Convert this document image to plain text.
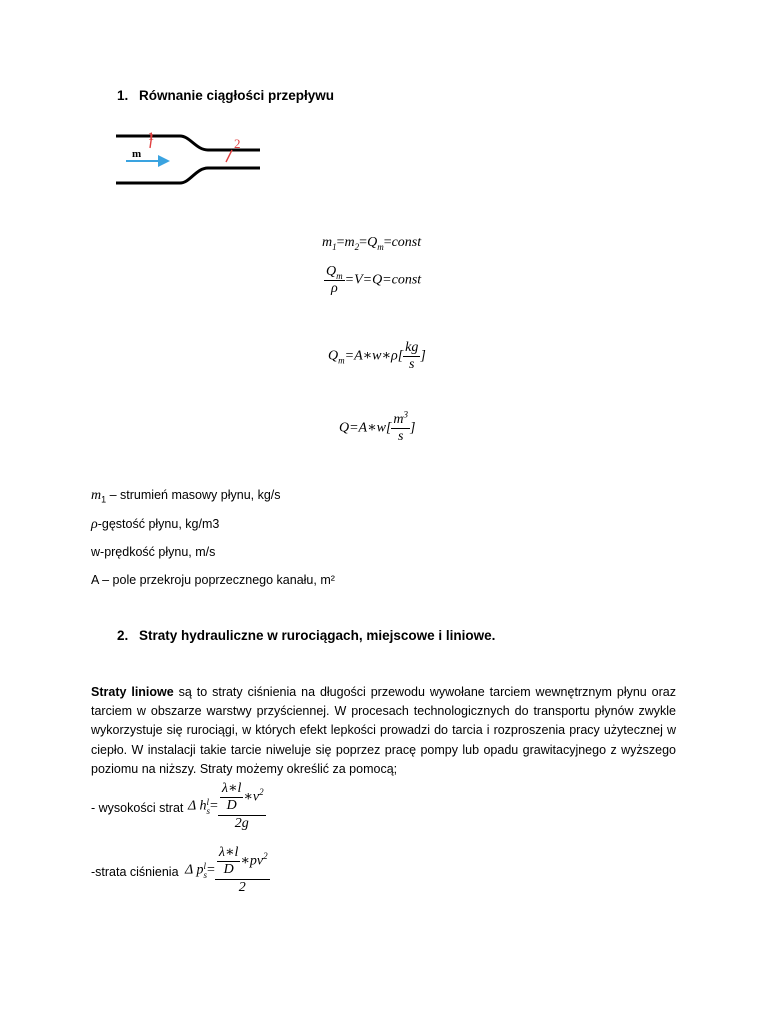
1. Równanie ciągłości przepływu
1	2
m
$m_1=m_2=Q_m=const$
$\frac{Q_m}{\rho}$ =V=Q=const
$Q_m=A∗w∗\rho[ \frac{kg}{s}$ ]
Q=A∗w[ $\frac{m^3}{s}$ ]
$m_1$ – strumień masowy płynu, kg/s
ρ-gęstość płynu, kg/m3
w-prędkość płynu, m/s
A – pole przekroju poprzecznego kanału, m²
2. Straty hydrauliczne w rurociągach, miejscowe i liniowe.
Straty liniowe są to straty ciśnienia na długości przewodu wywołane tarciem wewnętrznym płynu oraz tarciem w obszarze warstwy przyściennej. W procesach technologicznych do transportu płynów zwykle wykorzystuje się rurociągi, w których efekt lepkości prowadzi do tarcia i rozproszenia pracy użytecznej w ciepło. W instalacji takie tarcie niweluje się poprzez pracę pompy lub opadu grawitacyjnego z wyższego poziomu na niższy. Straty możemy określić za pomocą;
- wysokości strat Δ h l
$s = \frac{\frac{\lambda∗l}{D} ∗v^2}{2g}$
-strata ciśnienia Δ p l
$s = \frac{\frac{\lambda∗l}{D} ∗pv^2}{2}$
